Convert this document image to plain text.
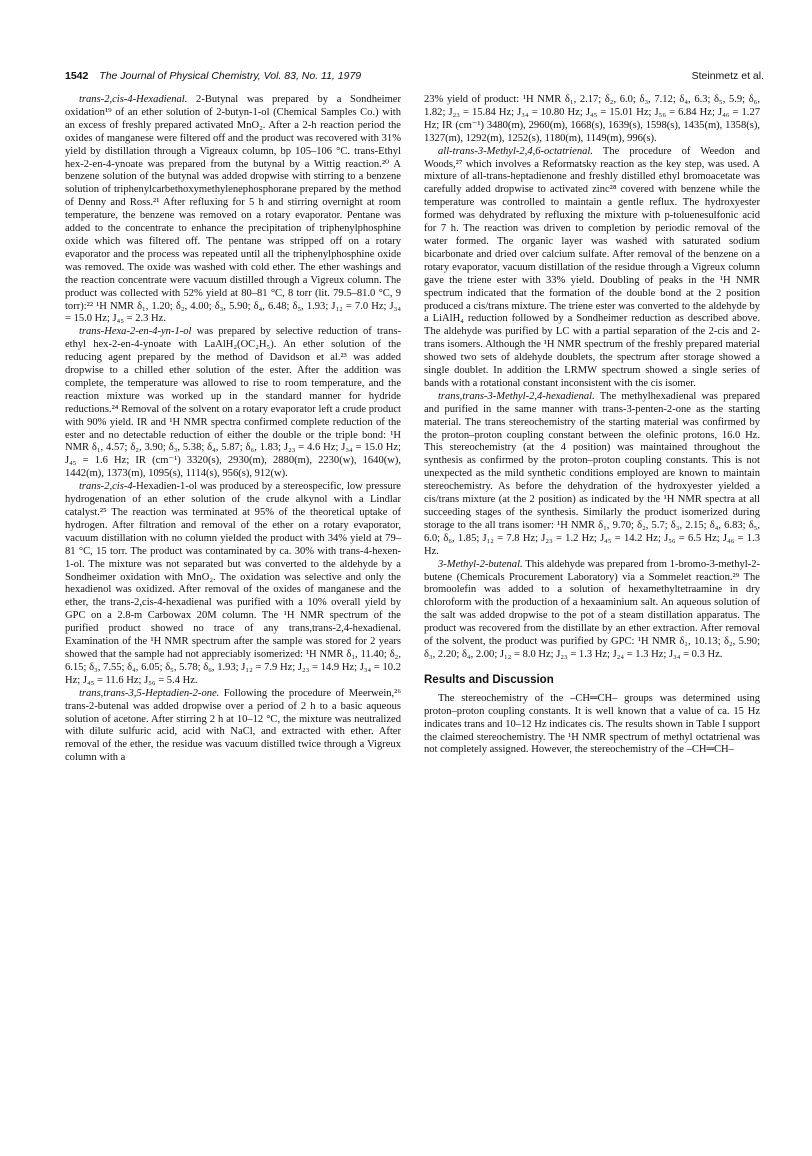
1542 The Journal of Physical Chemistry, Vol. 83, No. 11, 1979	Steinmetz et al.

trans-2,cis-4-Hexadienal. 2-Butynal was prepared by a Sondheimer oxidation¹⁹ of an ether solution of 2-butyn-1-ol (Chemical Samples Co.) with an excess of freshly prepared activated MnO₂. After a 2-h reaction period the oxides of manganese were filtered off and the product was recovered with 31% yield by distillation through a Vigreaux column, bp 105–106 °C. trans-Ethyl hex-2-en-4-ynoate was prepared from the butynal by a Wittig reaction.²⁰ A benzene solution of the butynal was added dropwise with stirring to a benzene solution of triphenylcarbethoxymethylenephosphorane prepared by the method of Denny and Ross.²¹ After refluxing for 5 h and stirring overnight at room temperature, the benzene was removed on a rotary evaporator. Pentane was added to the concentrate to enhance the precipitation of triphenylphosphine oxide which was filtered off. The pentane was stripped off on a rotary evaporator and the process was repeated until all the triphenylphosphine oxide was removed. The oxide was washed with cold ether. The ether washings and the reaction concentrate were vacuum distilled through a Vigreux column. The product was collected with 52% yield at 80–81 °C, 8 torr (lit. 79.5–81.0 °C, 9 torr):²² ¹H NMR δ₁, 1.20; δ₂, 4.00; δ₃, 5.90; δ₄, 6.48; δ₅, 1.93; J₁₂ = 7.0 Hz; J₃₄ = 15.0 Hz; J₄₅ = 2.3 Hz.

trans-Hexa-2-en-4-yn-1-ol was prepared by selective reduction of trans-ethyl hex-2-en-4-ynoate with LaAlH₂(OC₂H₅). An ether solution of the reducing agent prepared by the method of Davidson et al.²³ was added dropwise to a chilled ether solution of the ester. After the addition was complete, the temperature was allowed to rise to room temperature, and the reaction mixture was worked up in the standard manner for hydride reductions.²⁴ Removal of the solvent on a rotary evaporator left a crude product with 90% yield. IR and ¹H NMR spectra confirmed complete reduction of the ester and no detectable reduction of either the double or the triple bond: ¹H NMR δ₁, 4.57; δ₂, 3.90; δ₃, 5.38; δ₄, 5.87; δ₆, 1.83; J₂₃ = 4.6 Hz; J₃₄ = 15.0 Hz; J₄₅ = 1.6 Hz; IR (cm⁻¹) 3320(s), 2930(m), 2880(m), 2230(w), 1640(w), 1442(m), 1373(m), 1095(s), 1114(s), 956(s), 912(w).

trans-2,cis-4-Hexadien-1-ol was produced by a stereospecific, low pressure hydrogenation of an ether solution of the crude alkynol with a Lindlar catalyst.²⁵ The reaction was terminated at 95% of the theoretical uptake of hydrogen. After filtration and removal of the ether on a rotary evaporator, vacuum distillation with no column yielded the product with 34% yield at 79–81 °C, 15 torr. The product was contaminated by ca. 30% with trans-4-hexen-1-ol. The mixture was not separated but was converted to the aldehyde by a Sondheimer oxidation with MnO₂. The oxidation was selective and only the hexadienol was oxidized. After removal of the oxides of manganese and the ether, the trans-2,cis-4-hexadienal was purified with a 10% overall yield by GPC on a 2.8-m Carbowax 20M column. The ¹H NMR spectrum of the purified product showed no trace of any trans,trans-2,4-hexadienal. Examination of the ¹H NMR spectrum after the sample was stored for 2 years showed that the sample had not appreciably isomerized: ¹H NMR δ₁, 11.40; δ₂, 6.15; δ₃, 7.55; δ₄, 6.05; δ₅, 5.78; δ₆, 1.93; J₁₂ = 7.9 Hz; J₂₃ = 14.9 Hz; J₃₄ = 10.2 Hz; J₄₅ = 11.6 Hz; J₅₆ = 5.4 Hz.

trans,trans-3,5-Heptadien-2-one. Following the procedure of Meerwein,²⁶ trans-2-butenal was added dropwise over a period of 2 h to a basic aqueous solution of acetone. After stirring 2 h at 10–12 °C, the mixture was neutralized with dilute sulfuric acid, acid with NaCl, and extracted with ether. After removal of the ether, the residue was vacuum distilled twice through a Vigreux column with a

23% yield of product: ¹H NMR δ₁, 2.17; δ₂, 6.0; δ₃, 7.12; δ₄, 6.3; δ₅, 5.9; δ₆, 1.82; J₂₃ = 15.84 Hz; J₃₄ = 10.80 Hz; J₄₅ = 15.01 Hz; J₅₆ = 6.84 Hz; J₄₆ = 1.27 Hz; IR (cm⁻¹) 3480(m), 2960(m), 1668(s), 1639(s), 1598(s), 1435(m), 1358(s), 1327(m), 1292(m), 1252(s), 1180(m), 1149(m), 996(s).

all-trans-3-Methyl-2,4,6-octatrienal. The procedure of Weedon and Woods,²⁷ which involves a Reformatsky reaction as the key step, was used. A mixture of all-trans-heptadienone and freshly distilled ethyl bromoacetate was carefully added dropwise to activated zinc²⁸ covered with benzene while the temperature was controlled to maintain a gentle reflux. The hydroxyester formed was dehydrated by refluxing the mixture with p-toluenesulfonic acid for 7 h. The reaction was driven to completion by periodic removal of the water formed. The organic layer was washed with saturated sodium bicarbonate and dried over calcium sulfate. After removal of the benzene on a rotary evaporator, vacuum distillation of the residue through a Vigreux column gave the triene ester with 33% yield. Doubling of peaks in the ¹H NMR spectrum indicated that the formation of the double bond at the 2 position produced a cis/trans mixture. The triene ester was converted to the aldehyde by a LiAlH₄ reduction followed by a Sondheimer reduction as described above. The aldehyde was purified by LC with a partial separation of the 2-cis and 2-trans isomers. Although the ¹H NMR spectrum of the freshly prepared material showed two sets of aldehyde doublets, the spectrum after storage showed a single doublet. In addition the LRMW spectrum showed a single series of bands with a rotational constant inconsistent with the cis isomer.

trans,trans-3-Methyl-2,4-hexadienal. The methylhexadienal was prepared and purified in the same manner with trans-3-penten-2-one as the starting material. The trans stereochemistry of the starting material was confirmed by the proton–proton coupling constant between the olefinic protons, 16.0 Hz. This stereochemistry (at the 4 position) was maintained throughout the synthesis as confirmed by the proton–proton coupling constants. This is not unexpected as the mild synthetic conditions employed are known to maintain stereochemistry. As before the dehydration of the hydroxyester yielded a cis/trans mixture (at the 2 position) as indicated by the ¹H NMR spectra at all succeeding stages of the synthesis. Similarly the product isomerized during storage to the all trans isomer: ¹H NMR δ₁, 9.70; δ₂, 5.7; δ₃, 2.15; δ₄, 6.83; δ₅, 6.0; δ₆, 1.85; J₁₂ = 7.8 Hz; J₂₃ = 1.2 Hz; J₄₅ = 14.2 Hz; J₅₆ = 6.5 Hz; J₄₆ = 1.3 Hz.

3-Methyl-2-butenal. This aldehyde was prepared from 1-bromo-3-methyl-2-butene (Chemicals Procurement Laboratory) via a Sommelet reaction.²⁹ The bromoolefin was added to a solution of hexamethyltetraamine in dry chloroform with the production of a hexaaminium salt. An aqueous solution of the salt was added dropwise to the pot of a steam distillation apparatus. The product was recovered from the distillate by an ether extraction. After removal of the solvent, the product was purified by GPC: ¹H NMR δ₁, 10.13; δ₂, 5.90; δ₃, 2.20; δ₄, 2.00; J₁₂ = 8.0 Hz; J₂₃ = 1.3 Hz; J₂₄ = 1.3 Hz; J₃₄ = 0.3 Hz.

Results and Discussion

The stereochemistry of the –CH═CH– groups was determined using proton–proton coupling constants. It is well known that a value of ca. 15 Hz indicates trans and 10–12 Hz indicates cis. The results shown in Table I support the claimed stereochemistry. The ¹H NMR spectrum of methyl octatrienal was not completely assigned. However, the stereochemistry of the –CH═CH–
